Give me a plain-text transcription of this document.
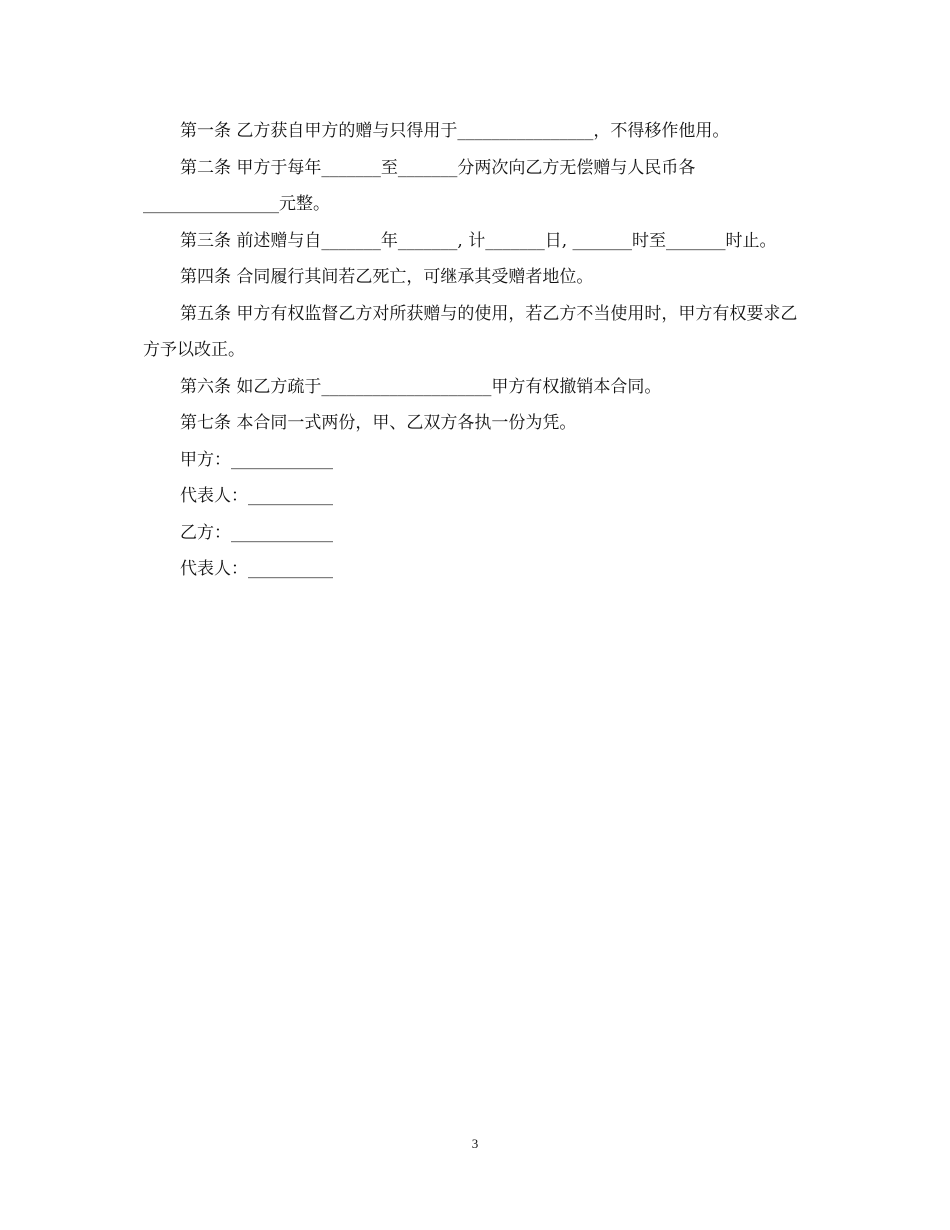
第一条 乙方获自甲方的赠与只得用于________________，不得移作他用。

第二条 甲方于每年_______至_______分两次向乙方无偿赠与人民币各________________元整。

第三条 前述赠与自_______年_______, 计_______日, _______时至_______时止。

第四条 合同履行其间若乙死亡，可继承其受赠者地位。

第五条 甲方有权监督乙方对所获赠与的使用，若乙方不当使用时，甲方有权要求乙方予以改正。

第六条 如乙方疏于____________________甲方有权撤销本合同。

第七条 本合同一式两份，甲、乙双方各执一份为凭。

甲方：____________

代表人：__________

乙方：____________

代表人：__________

3
